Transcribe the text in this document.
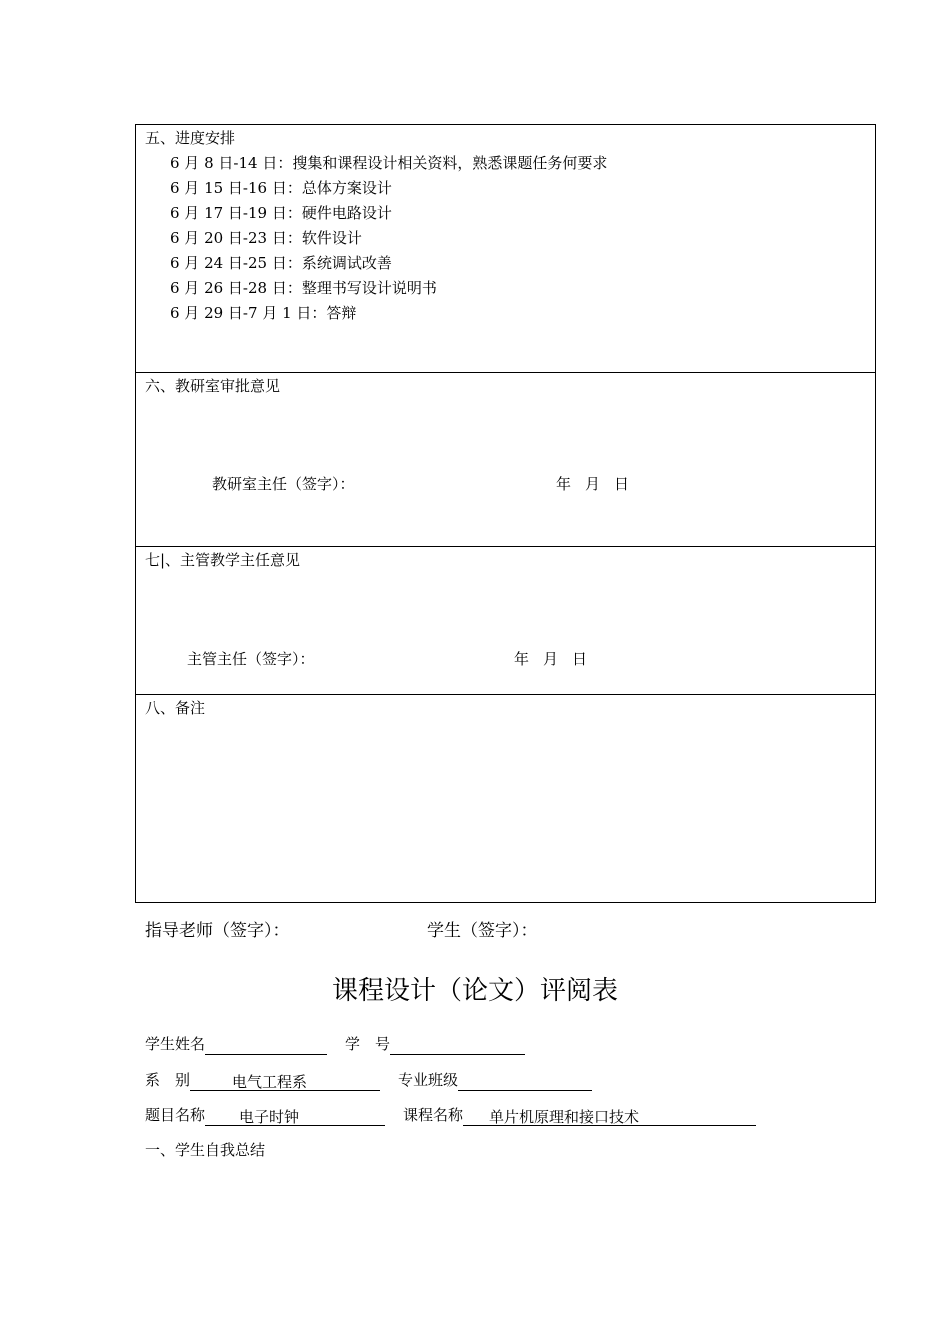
五、进度安排
6 月 8 日-14 日：搜集和课程设计相关资料，熟悉课题任务何要求
6 月 15 日-16 日：总体方案设计
6 月 17 日-19 日：硬件电路设计
6 月 20 日-23 日：软件设计
6 月 24 日-25 日：系统调试改善
6 月 26 日-28 日：整理书写设计说明书
6 月 29 日-7 月 1 日：答辩
六、教研室审批意见
教研室主任（签字）：	年 月 日
七|、主管教学主任意见
主管主任（签字）：	年 月 日
八、备注
指导老师（签字）：	学生（签字）：
课程设计（论文）评阅表
学生姓名	学　号
系　别	电气工程系	专业班级
题目名称 电子时钟	课程名称 单片机原理和接口技术
一、学生自我总结
